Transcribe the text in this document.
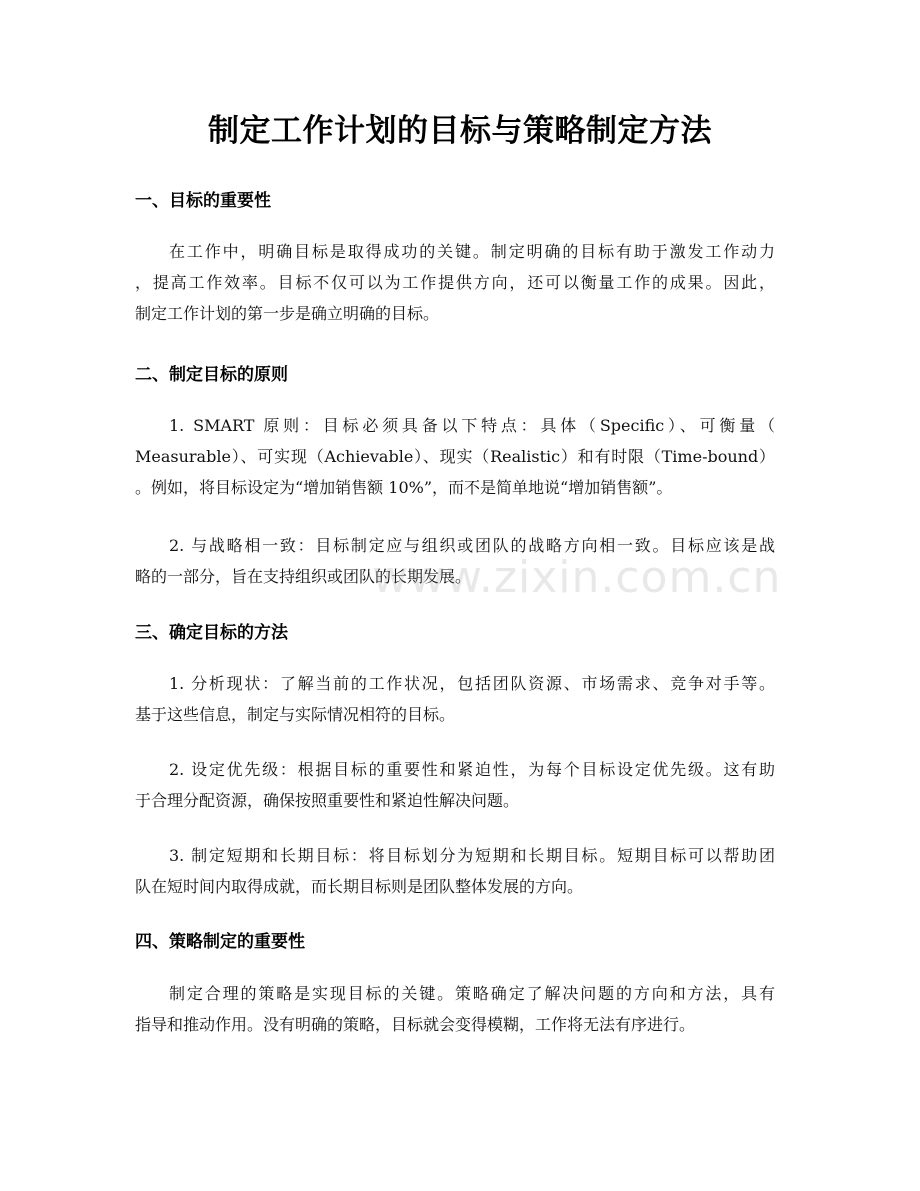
制定工作计划的目标与策略制定方法
一、目标的重要性
在工作中，明确目标是取得成功的关键。制定明确的目标有助于激发工作动力
，提高工作效率。目标不仅可以为工作提供方向，还可以衡量工作的成果。因此，
制定工作计划的第一步是确立明确的目标。
二、制定目标的原则
1. SMART 原则：目标必须具备以下特点：具体（Specific）、可衡量（
Measurable）、可实现（Achievable）、现实（Realistic）和有时限（Time-bound）
。例如，将目标设定为“增加销售额 10%”，而不是简单地说“增加销售额”。
2. 与战略相一致：目标制定应与组织或团队的战略方向相一致。目标应该是战
略的一部分，旨在支持组织或团队的长期发展。
三、确定目标的方法
1. 分析现状：了解当前的工作状况，包括团队资源、市场需求、竞争对手等。
基于这些信息，制定与实际情况相符的目标。
2. 设定优先级：根据目标的重要性和紧迫性，为每个目标设定优先级。这有助
于合理分配资源，确保按照重要性和紧迫性解决问题。
3. 制定短期和长期目标：将目标划分为短期和长期目标。短期目标可以帮助团
队在短时间内取得成就，而长期目标则是团队整体发展的方向。
四、策略制定的重要性
制定合理的策略是实现目标的关键。策略确定了解决问题的方向和方法，具有
指导和推动作用。没有明确的策略，目标就会变得模糊，工作将无法有序进行。
www.zixin.com.cn
